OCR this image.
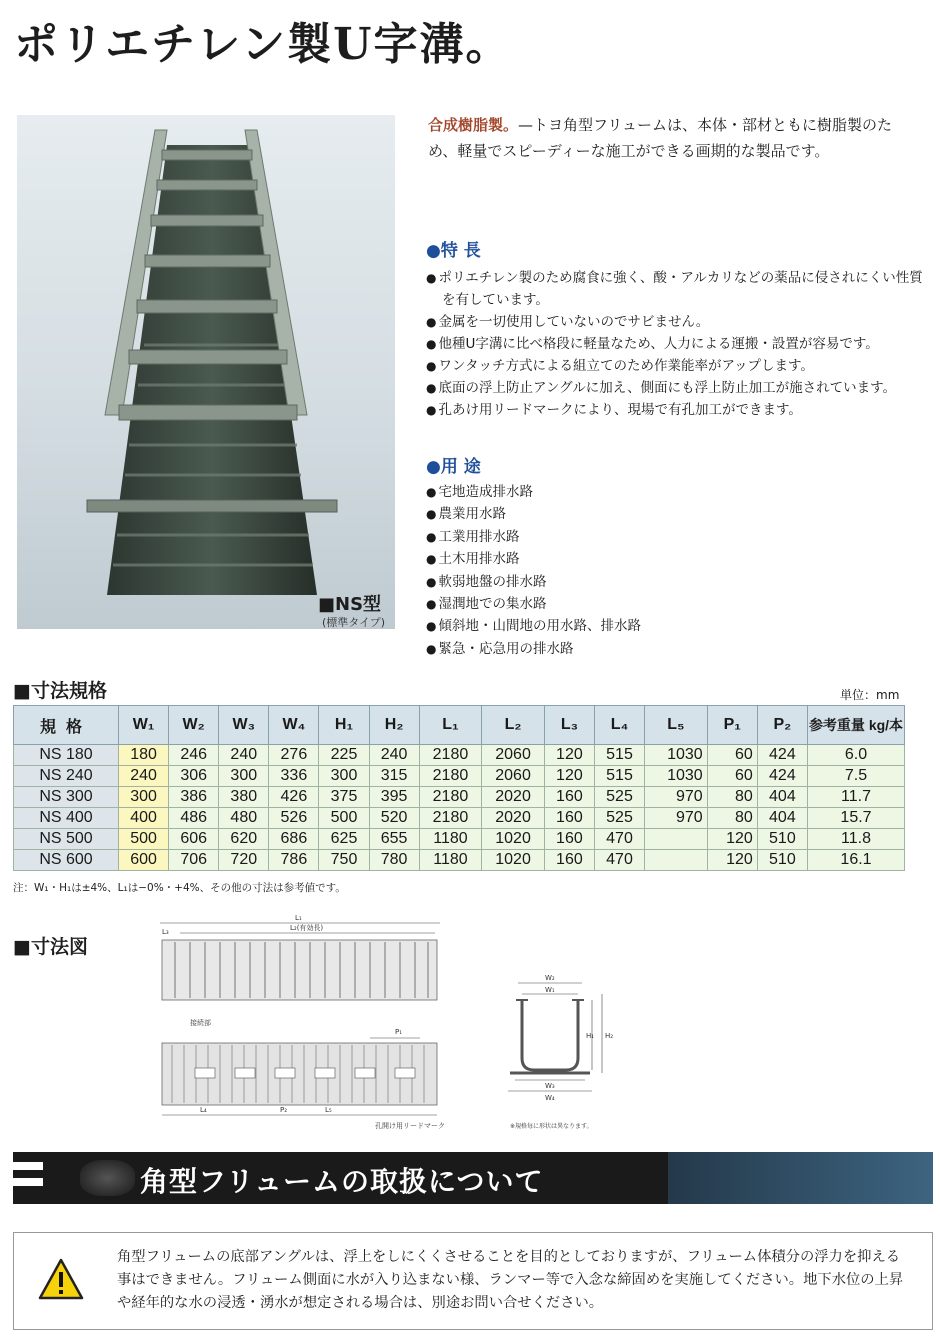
ポリエチレン製U字溝。
■NS型
(標準タイプ)
合成樹脂製。—トヨ角型フリュームは、本体・部材ともに樹脂製のため、軽量でスピーディーな施工ができる画期的な製品です。
●特 長
● ポリエチレン製のため腐食に強く、酸・アルカリなどの薬品に侵されにくい性質を有しています。
● 金属を一切使用していないのでサビません。
● 他種U字溝に比べ格段に軽量なため、人力による運搬・設置が容易です。
● ワンタッチ方式による組立てのため作業能率がアップします。
● 底面の浮上防止アングルに加え、側面にも浮上防止加工が施されています。
● 孔あけ用リードマークにより、現場で有孔加工ができます。
●用 途
● 宅地造成排水路
● 農業用水路
● 工業用排水路
● 土木用排水路
● 軟弱地盤の排水路
● 湿潤地での集水路
● 傾斜地・山間地の用水路、排水路
● 緊急・応急用の排水路
■寸法規格	単位：mm
規格	W₁	W₂	W₃	W₄	H₁	H₂	L₁	L₂	L₃	L₄	L₅	P₁	P₂	参考重量 kg/本
NS 180	180	246	240	276	225	240	2180	2060	120	515	1030	60	424	6.0
NS 240	240	306	300	336	300	315	2180	2060	120	515	1030	60	424	7.5
NS 300	300	386	380	426	375	395	2180	2020	160	525	970	80	404	11.7
NS 400	400	486	480	526	500	520	2180	2020	160	525	970	80	404	15.7
NS 500	500	606	620	686	625	655	1180	1020	160	470		120	510	11.8
NS 600	600	706	720	786	750	780	1180	1020	160	470		120	510	16.1
注：W₁・H₁は±4%、L₁は−0%・+4%、その他の寸法は参考値です。
■寸法図
L₁
L₂(有効長)
L₃
接続部
P₁
L₄	P₂	L₅
孔開け用リードマーク
W₂
W₁
H₁ H₂
W₃
W₄
※規格毎に形状は異なります。
角型フリュームの取扱について
角型フリュームの底部アングルは、浮上をしにくくさせることを目的としておりますが、フリューム体積分の浮力を抑える事はできません。フリューム側面に水が入り込まない様、ランマー等で入念な締固めを実施してください。地下水位の上昇や経年的な水の浸透・湧水が想定される場合は、別途お問い合せください。
